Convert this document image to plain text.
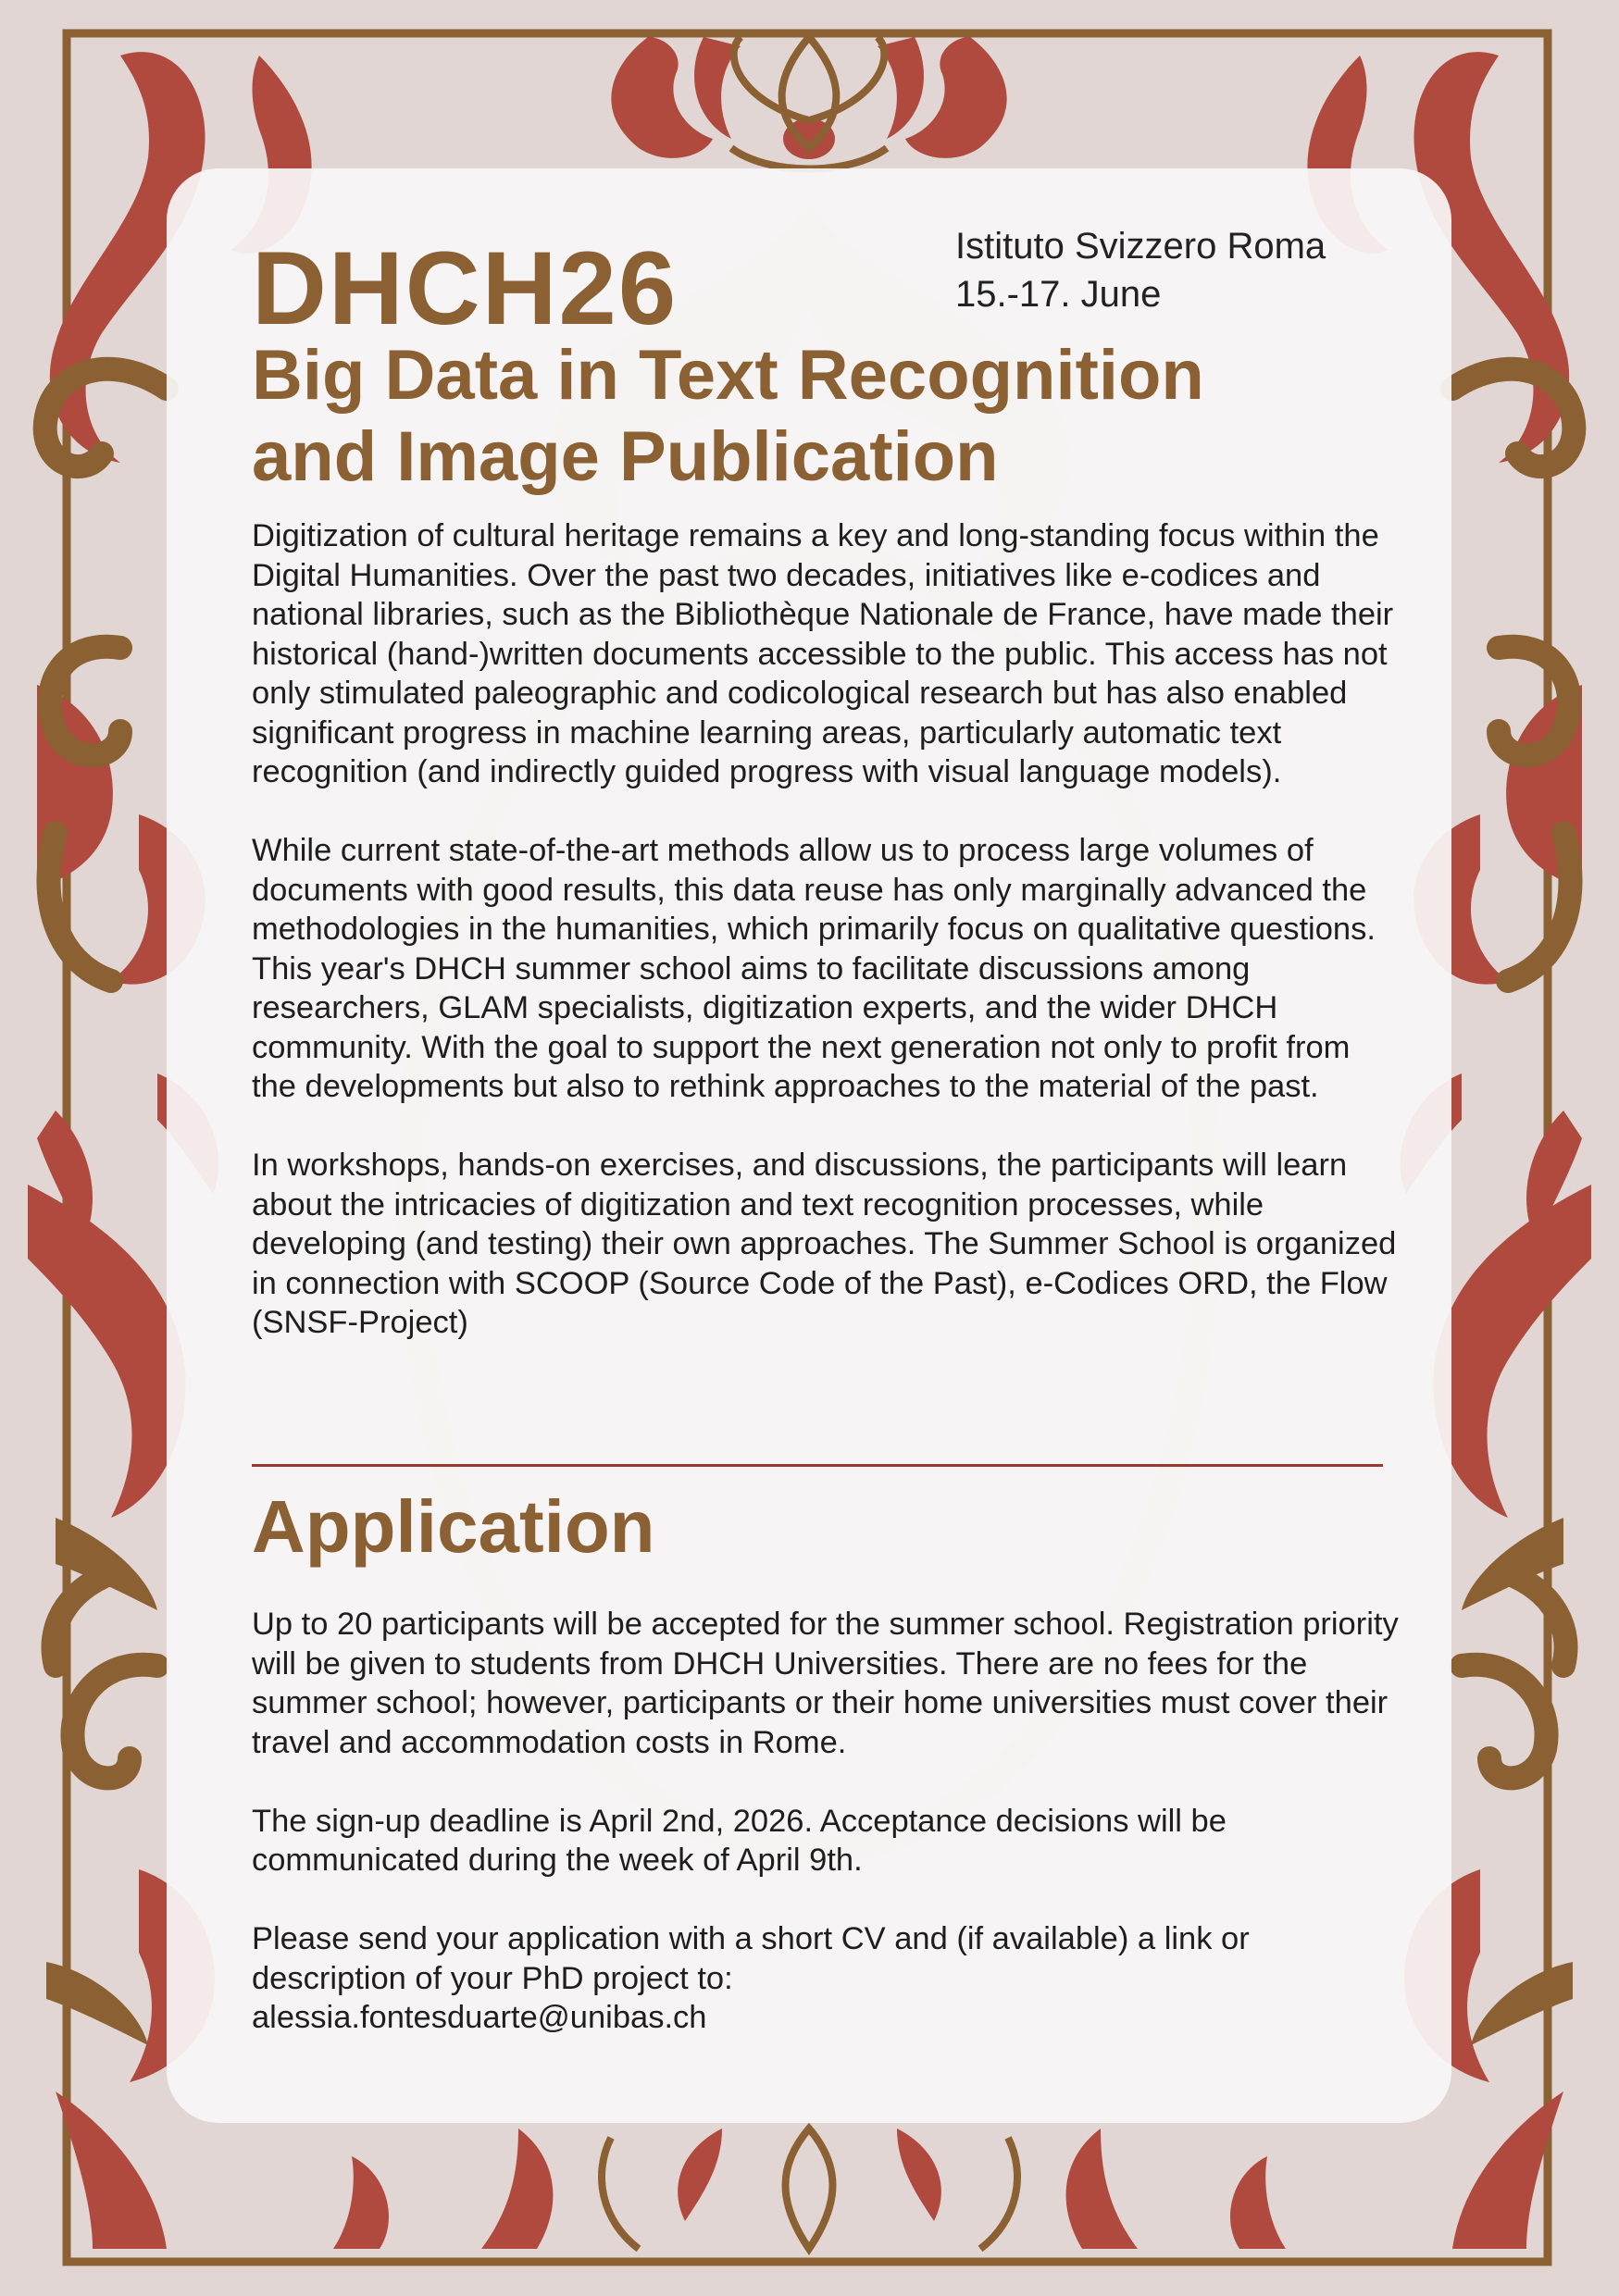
Istituto Svizzero Roma
15.-17. June
DHCH26
Big Data in Text Recognition
and Image Publication

Digitization of cultural heritage remains a key and long-standing focus within the Digital Humanities. Over the past two decades, initiatives like e-codices and national libraries, such as the Bibliothèque Nationale de France, have made their historical (hand-)written documents accessible to the public. This access has not only stimulated paleographic and codicological research but has also enabled significant progress in machine learning areas, particularly automatic text recognition (and indirectly guided progress with visual language models).

While current state-of-the-art methods allow us to process large volumes of documents with good results, this data reuse has only marginally advanced the methodologies in the humanities, which primarily focus on qualitative questions. This year's DHCH summer school aims to facilitate discussions among researchers, GLAM specialists, digitization experts, and the wider DHCH community. With the goal to support the next generation not only to profit from the developments but also to rethink approaches to the material of the past.

In workshops, hands-on exercises, and discussions, the participants will learn about the intricacies of digitization and text recognition processes, while developing (and testing) their own approaches. The Summer School is organized in connection with SCOOP (Source Code of the Past), e-Codices ORD, the Flow (SNSF-Project)

Application

Up to 20 participants will be accepted for the summer school. Registration priority will be given to students from DHCH Universities. There are no fees for the summer school; however, participants or their home universities must cover their travel and accommodation costs in Rome.

The sign-up deadline is April 2nd, 2026. Acceptance decisions will be communicated during the week of April 9th.

Please send your application with a short CV and (if available) a link or description of your PhD project to:

alessia.fontesduarte@unibas.ch
